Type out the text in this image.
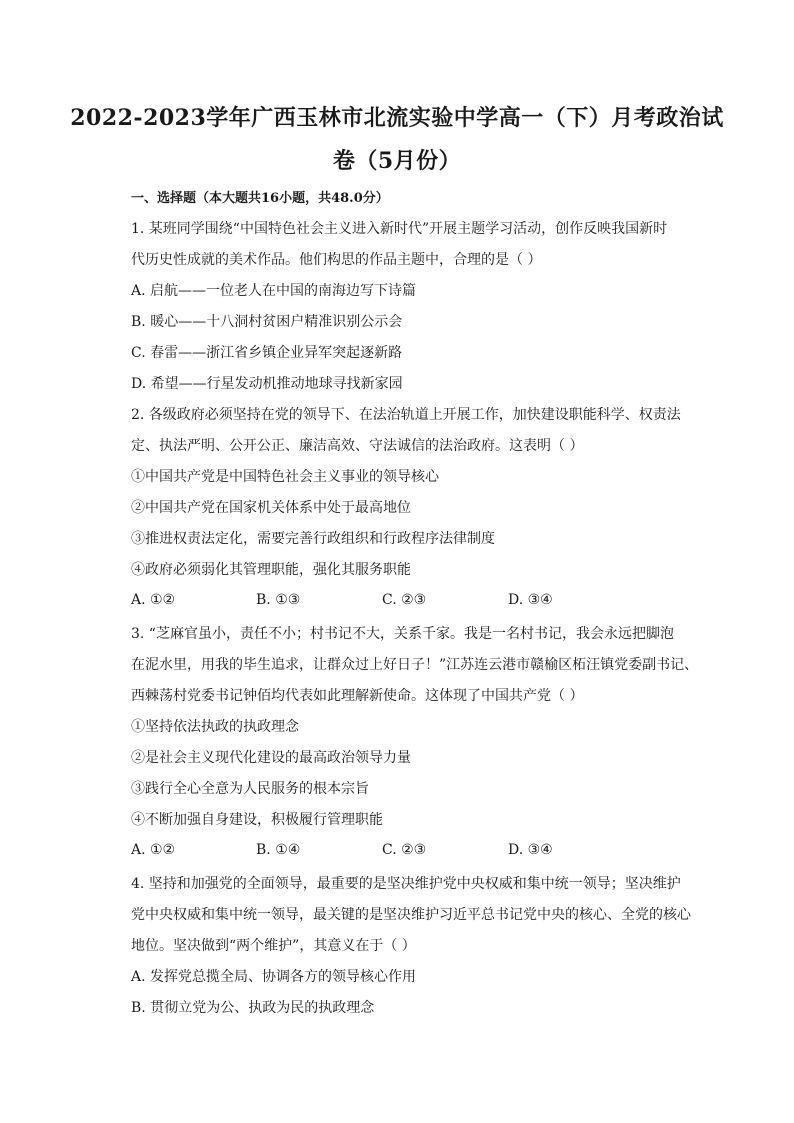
2022-2023学年广西玉林市北流实验中学高一（下）月考政治试
卷（5月份）
一、选择题（本大题共16小题，共48.0分）
1. 某班同学围绕“中国特色社会主义进入新时代”开展主题学习活动，创作反映我国新时
代历史性成就的美术作品。他们构思的作品主题中，合理的是（ ）
A. 启航——一位老人在中国的南海边写下诗篇
B. 暖心——十八洞村贫困户精准识别公示会
C. 春雷——浙江省乡镇企业异军突起逐新路
D. 希望——行星发动机推动地球寻找新家园
2. 各级政府必须坚持在党的领导下、在法治轨道上开展工作，加快建设职能科学、权责法
定、执法严明、公开公正、廉洁高效、守法诚信的法治政府。这表明（ ）
①中国共产党是中国特色社会主义事业的领导核心
②中国共产党在国家机关体系中处于最高地位
③推进权责法定化，需要完善行政组织和行政程序法律制度
④政府必须弱化其管理职能，强化其服务职能
A. ①②	B. ①③	C. ②③	D. ③④
3. “芝麻官虽小，责任不小；村书记不大，关系千家。我是一名村书记，我会永远把脚泡
在泥水里，用我的毕生追求，让群众过上好日子！”江苏连云港市赣榆区柘汪镇党委副书记、
西棘荡村党委书记钟佰均代表如此理解新使命。这体现了中国共产党（ ）
①坚持依法执政的执政理念
②是社会主义现代化建设的最高政治领导力量
③践行全心全意为人民服务的根本宗旨
④不断加强自身建设，积极履行管理职能
A. ①②	B. ①④	C. ②③	D. ③④
4. 坚持和加强党的全面领导，最重要的是坚决维护党中央权威和集中统一领导；坚决维护
党中央权威和集中统一领导，最关键的是坚决维护习近平总书记党中央的核心、全党的核心
地位。坚决做到“两个维护”，其意义在于（ ）
A. 发挥党总揽全局、协调各方的领导核心作用
B. 贯彻立党为公、执政为民的执政理念
